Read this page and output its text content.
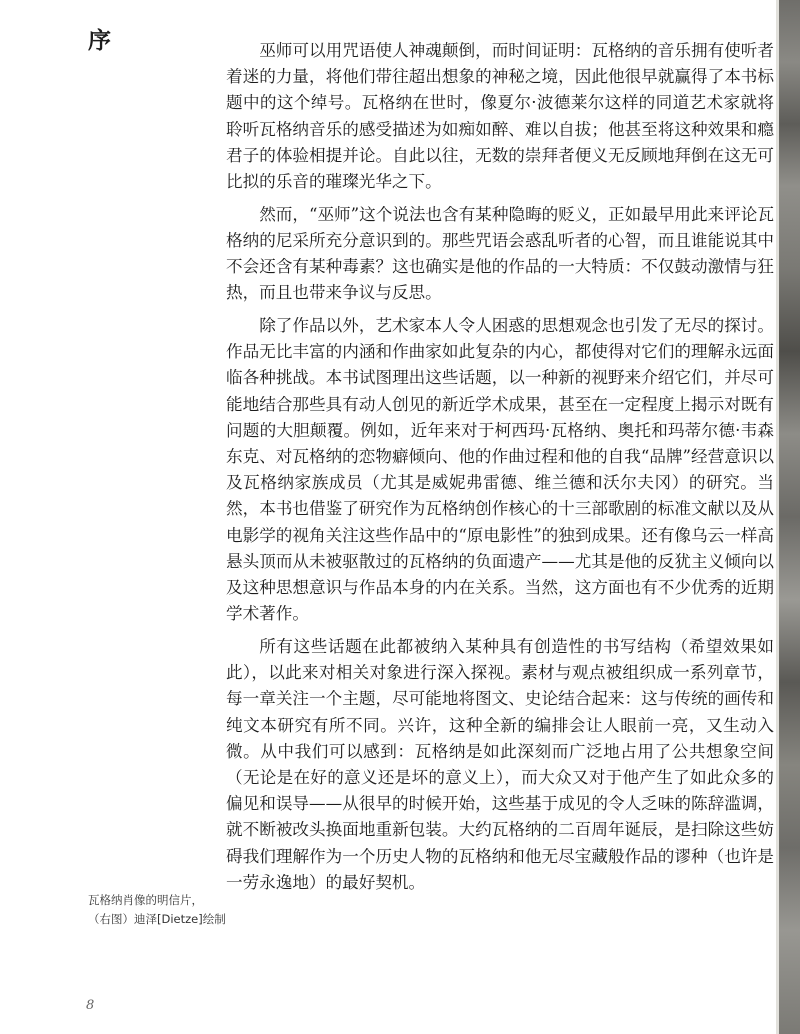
序	巫师可以用咒语使人神魂颠倒，而时间证明：瓦格纳的音乐拥有使听者着迷的力量，将他们带往超出想象的神秘之境，因此他很早就赢得了本书标题中的这个绰号。瓦格纳在世时，像夏尔·波德莱尔这样的同道艺术家就将聆听瓦格纳音乐的感受描述为如痴如醉、难以自拔；他甚至将这种效果和瘾君子的体验相提并论。自此以往，无数的崇拜者便义无反顾地拜倒在这无可比拟的乐音的璀璨光华之下。

然而，“巫师”这个说法也含有某种隐晦的贬义，正如最早用此来评论瓦格纳的尼采所充分意识到的。那些咒语会惑乱听者的心智，而且谁能说其中不会还含有某种毒素？这也确实是他的作品的一大特质：不仅鼓动激情与狂热，而且也带来争议与反思。

除了作品以外，艺术家本人令人困惑的思想观念也引发了无尽的探讨。作品无比丰富的内涵和作曲家如此复杂的内心，都使得对它们的理解永远面临各种挑战。本书试图理出这些话题，以一种新的视野来介绍它们，并尽可能地结合那些具有动人创见的新近学术成果，甚至在一定程度上揭示对既有问题的大胆颠覆。例如，近年来对于柯西玛·瓦格纳、奥托和玛蒂尔德·韦森东克、对瓦格纳的恋物癖倾向、他的作曲过程和他的自我“品牌”经营意识以及瓦格纳家族成员（尤其是威妮弗雷德、维兰德和沃尔夫冈）的研究。当然，本书也借鉴了研究作为瓦格纳创作核心的十三部歌剧的标准文献以及从电影学的视角关注这些作品中的“原电影性”的独到成果。还有像乌云一样高悬头顶而从未被驱散过的瓦格纳的负面遗产——尤其是他的反犹主义倾向以及这种思想意识与作品本身的内在关系。当然，这方面也有不少优秀的近期学术著作。

所有这些话题在此都被纳入某种具有创造性的书写结构（希望效果如此），以此来对相关对象进行深入探视。素材与观点被组织成一系列章节，每一章关注一个主题，尽可能地将图文、史论结合起来：这与传统的画传和纯文本研究有所不同。兴许，这种全新的编排会让人眼前一亮，又生动入微。从中我们可以感到：瓦格纳是如此深刻而广泛地占用了公共想象空间（无论是在好的意义还是坏的意义上），而大众又对于他产生了如此众多的偏见和误导——从很早的时候开始，这些基于成见的令人乏味的陈辞滥调，就不断被改头换面地重新包装。大约瓦格纳的二百周年诞辰，是扫除这些妨碍我们理解作为一个历史人物的瓦格纳和他无尽宝藏般作品的谬种（也许是一劳永逸地）的最好契机。

瓦格纳肖像的明信片，
（右图）迪泽[Dietze]绘制
8
